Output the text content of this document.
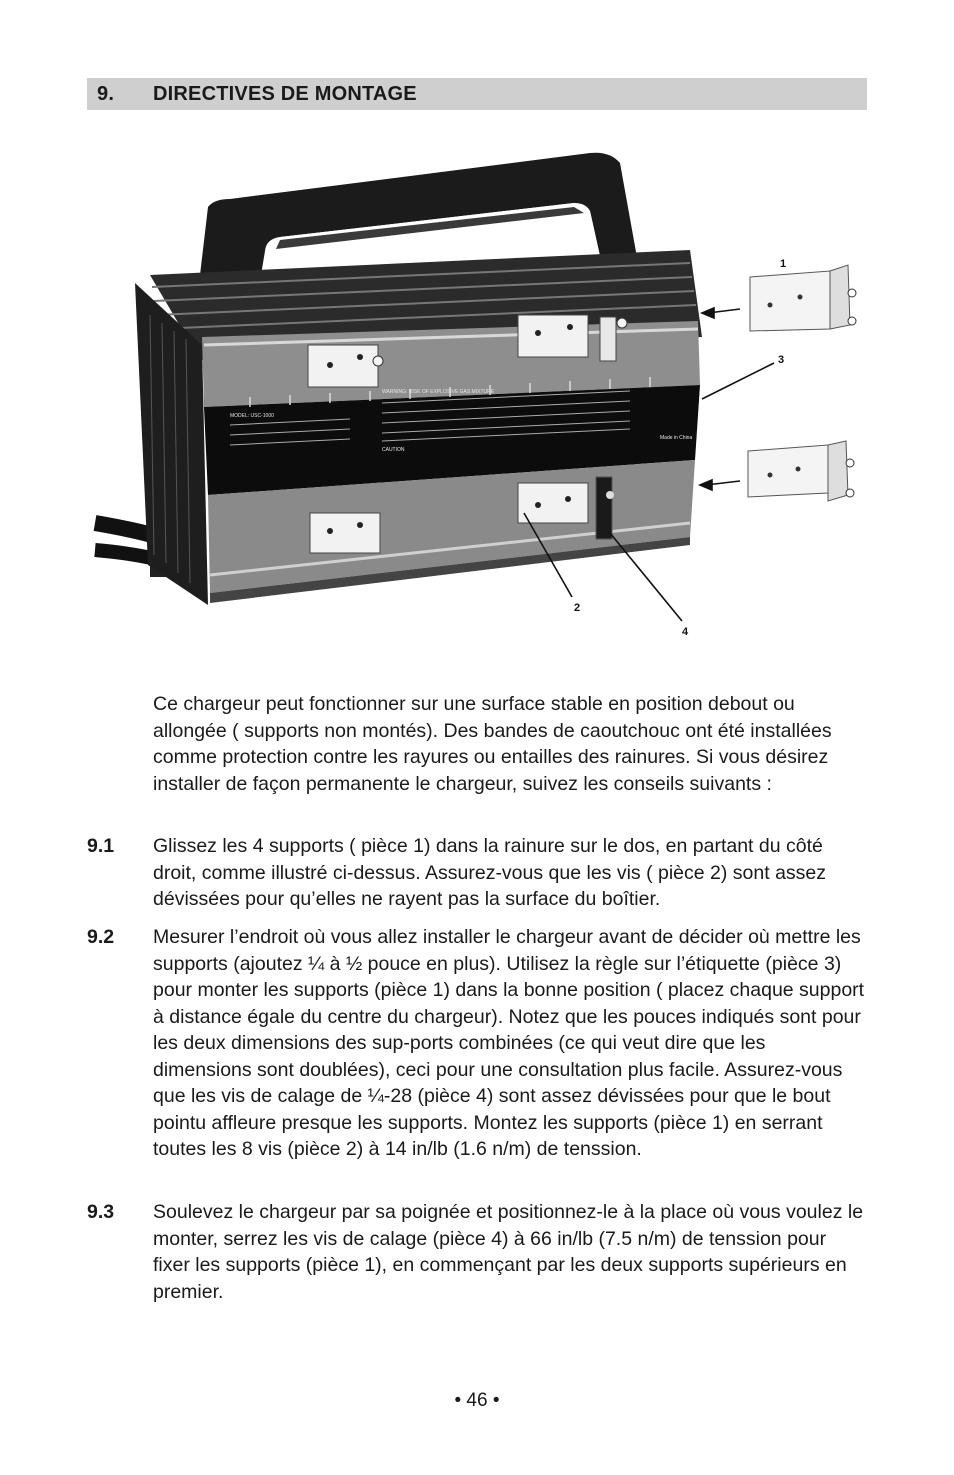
9. DIRECTIVES DE MONTAGE
MODEL: USC-1000
WARNING: RISK OF EXPLOSIVE GAS MIXTURE
CAUTION
Made in China
1
2
3
4
Ce chargeur peut fonctionner sur une surface stable en position debout ou allongée ( supports non montés). Des bandes de caoutchouc ont été installées comme protection contre les rayures ou entailles des rainures. Si vous désirez installer de façon permanente le chargeur, suivez les conseils suivants :
9.1 Glissez les 4 supports ( pièce 1) dans la rainure sur le dos, en partant du côté droit, comme illustré ci-dessus. Assurez-vous que les vis ( pièce 2) sont assez dévissées pour qu’elles ne rayent pas la surface du boîtier.
9.2 Mesurer l’endroit où vous allez installer le chargeur avant de décider où mettre les supports (ajoutez ¼ à ½ pouce en plus). Utilisez la règle sur l’étiquette (pièce 3) pour monter les supports (pièce 1) dans la bonne position ( placez chaque support à distance égale du centre du chargeur). Notez que les pouces indiqués sont pour les deux dimensions des sup-ports combinées (ce qui veut dire que les dimensions sont doublées), ceci pour une consultation plus facile. Assurez-vous que les vis de calage de ¼-28 (pièce 4) sont assez dévissées pour que le bout pointu affleure presque les supports. Montez les supports (pièce 1) en serrant toutes les 8 vis (pièce 2) à 14 in/lb (1.6 n/m) de tenssion.
9.3 Soulevez le chargeur par sa poignée et positionnez-le à la place où vous voulez le monter, serrez les vis de calage (pièce 4) à 66 in/lb (7.5 n/m) de tenssion pour fixer les supports (pièce 1), en commençant par les deux supports supérieurs en premier.
• 46 •
